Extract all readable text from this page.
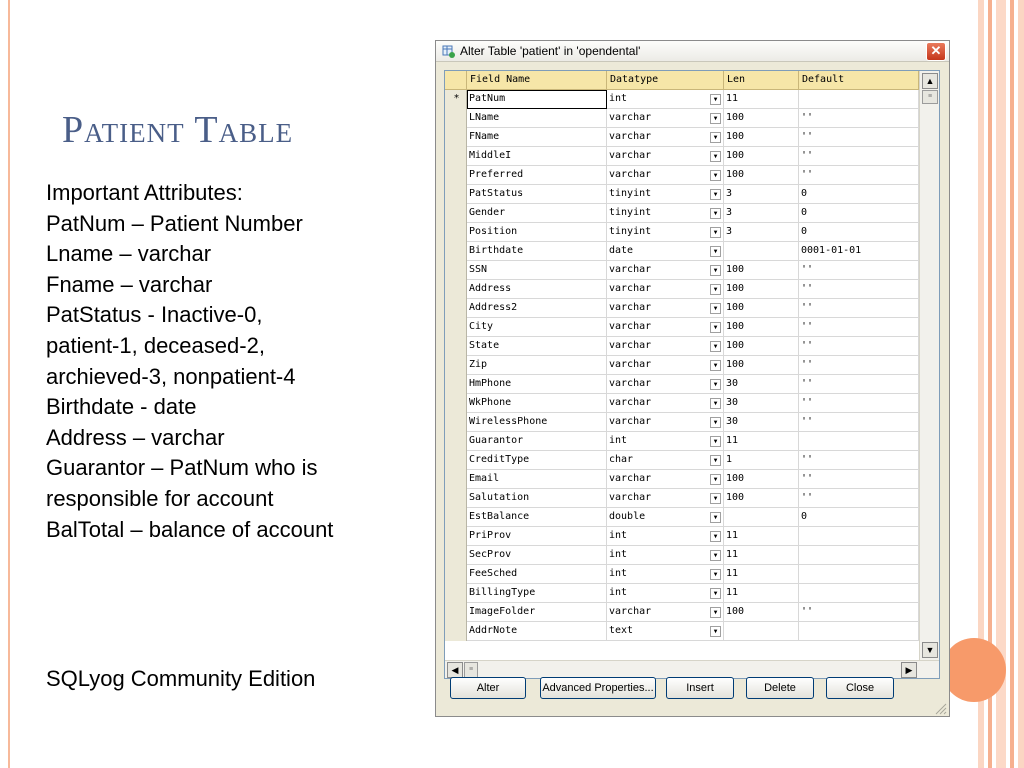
Patient Table
Important Attributes:
PatNum – Patient Number
Lname – varchar
Fname – varchar
PatStatus - Inactive-0,
patient-1, deceased-2,
archieved-3, nonpatient-4
Birthdate - date
Address – varchar
Guarantor – PatNum who is
responsible for account
BalTotal – balance of account
SQLyog Community Edition
Alter Table 'patient' in 'opendental'	✕
Field Name	Datatype	Len	Default
* PatNum	int	▼ 11
LName	varchar	▼ 100	''
FName	varchar	▼ 100	''
MiddleI	varchar	▼ 100	''
Preferred	varchar	▼ 100	''
PatStatus	tinyint	▼ 3	0
Gender	tinyint	▼ 3	0
Position	tinyint	▼ 3	0
Birthdate	date	▼	0001-01-01
SSN	varchar	▼ 100	''
Address	varchar	▼ 100	''
Address2	varchar	▼ 100	''
City	varchar	▼ 100	''
State	varchar	▼ 100	''
Zip	varchar	▼ 100	''
HmPhone	varchar	▼ 30	''
WkPhone	varchar	▼ 30	''
WirelessPhone	varchar	▼ 30	''
Guarantor	int	▼ 11
CreditType	char	▼ 1	''
Email	varchar	▼ 100	''
Salutation	varchar	▼ 100	''
EstBalance	double	▼	0
PriProv	int	▼ 11
SecProv	int	▼ 11
FeeSched	int	▼ 11
BillingType	int	▼ 11
ImageFolder	varchar	▼ 100	''
AddrNote	text	▼
▲
≡
▼
◀	≡	▶
Alter	Advanced Properties...	Insert	Delete	Close
